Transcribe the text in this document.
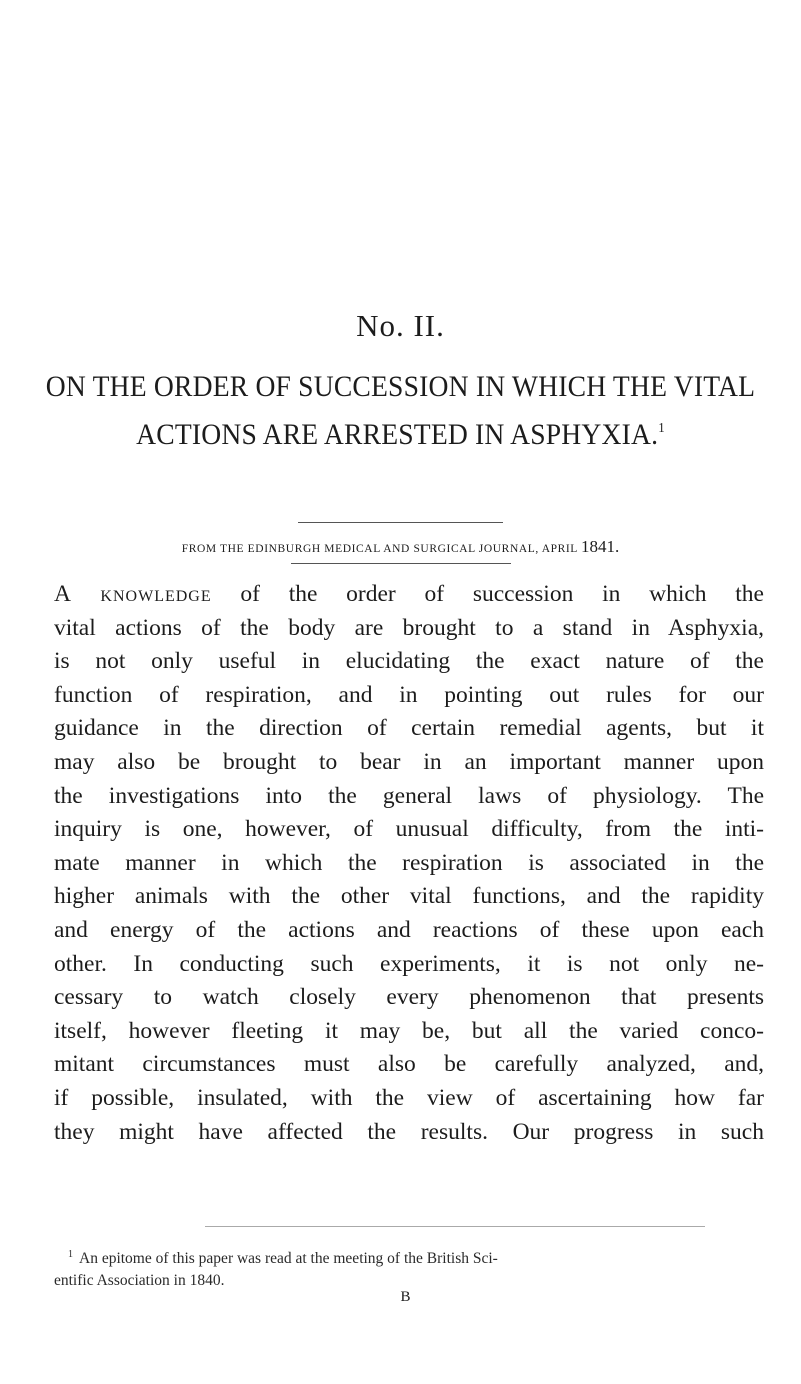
No. II.
ON THE ORDER OF SUCCESSION IN WHICH THE VITAL
ACTIONS ARE ARRESTED IN ASPHYXIA.$^1$
FROM THE EDINBURGH MEDICAL AND SURGICAL JOURNAL, APRIL 1841.
A knowledge of the order of succession in which the
vital actions of the body are brought to a stand in Asphyxia,
is not only useful in elucidating the exact nature of the
function of respiration, and in pointing out rules for our
guidance in the direction of certain remedial agents, but it
may also be brought to bear in an important manner upon
the investigations into the general laws of physiology. The
inquiry is one, however, of unusual difficulty, from the inti-
mate manner in which the respiration is associated in the
higher animals with the other vital functions, and the rapidity
and energy of the actions and reactions of these upon each
other. In conducting such experiments, it is not only ne-
cessary to watch closely every phenomenon that presents
itself, however fleeting it may be, but all the varied conco-
mitant circumstances must also be carefully analyzed, and,
if possible, insulated, with the view of ascertaining how far
they might have affected the results. Our progress in such
$^1$ An epitome of this paper was read at the meeting of the British Sci-
entific Association in 1840.
B
